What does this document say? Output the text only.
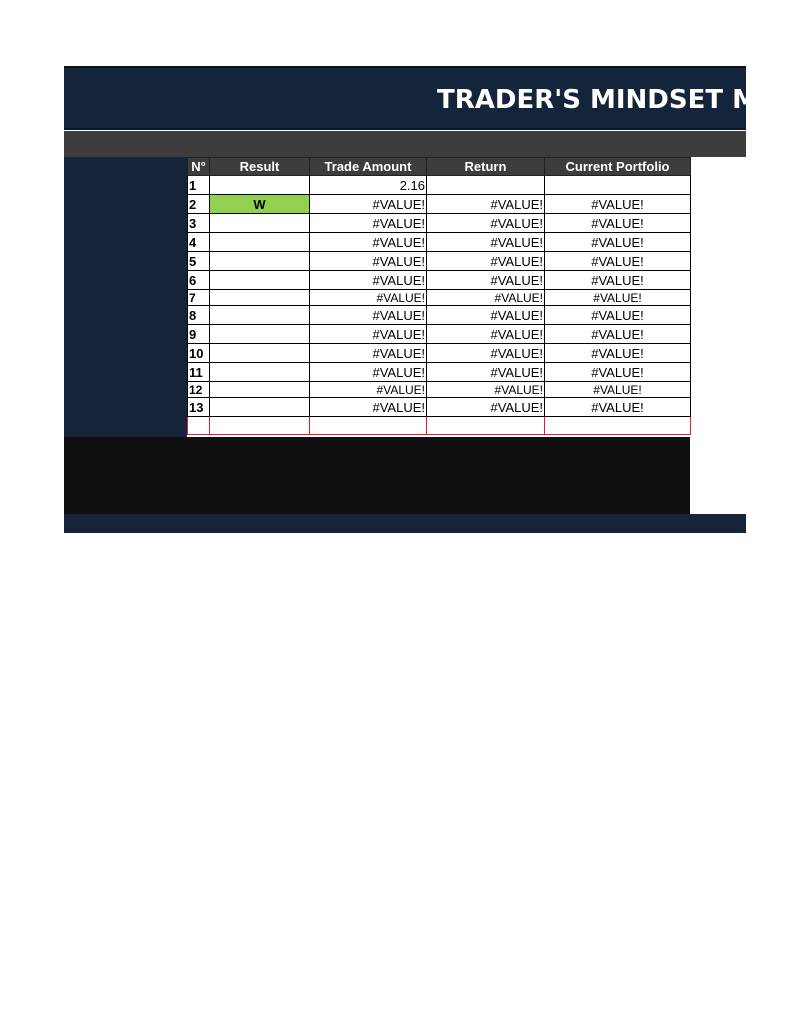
TRADER'S MINDSET MON
N°	Result	Trade Amount	Return	Current Portfolio
1		2.16		
2	W	#VALUE!	#VALUE!	#VALUE!
3		#VALUE!	#VALUE!	#VALUE!
4		#VALUE!	#VALUE!	#VALUE!
5		#VALUE!	#VALUE!	#VALUE!
6		#VALUE!	#VALUE!	#VALUE!
7		#VALUE!	#VALUE!	#VALUE!
8		#VALUE!	#VALUE!	#VALUE!
9		#VALUE!	#VALUE!	#VALUE!
10		#VALUE!	#VALUE!	#VALUE!
11		#VALUE!	#VALUE!	#VALUE!
12		#VALUE!	#VALUE!	#VALUE!
13		#VALUE!	#VALUE!	#VALUE!
